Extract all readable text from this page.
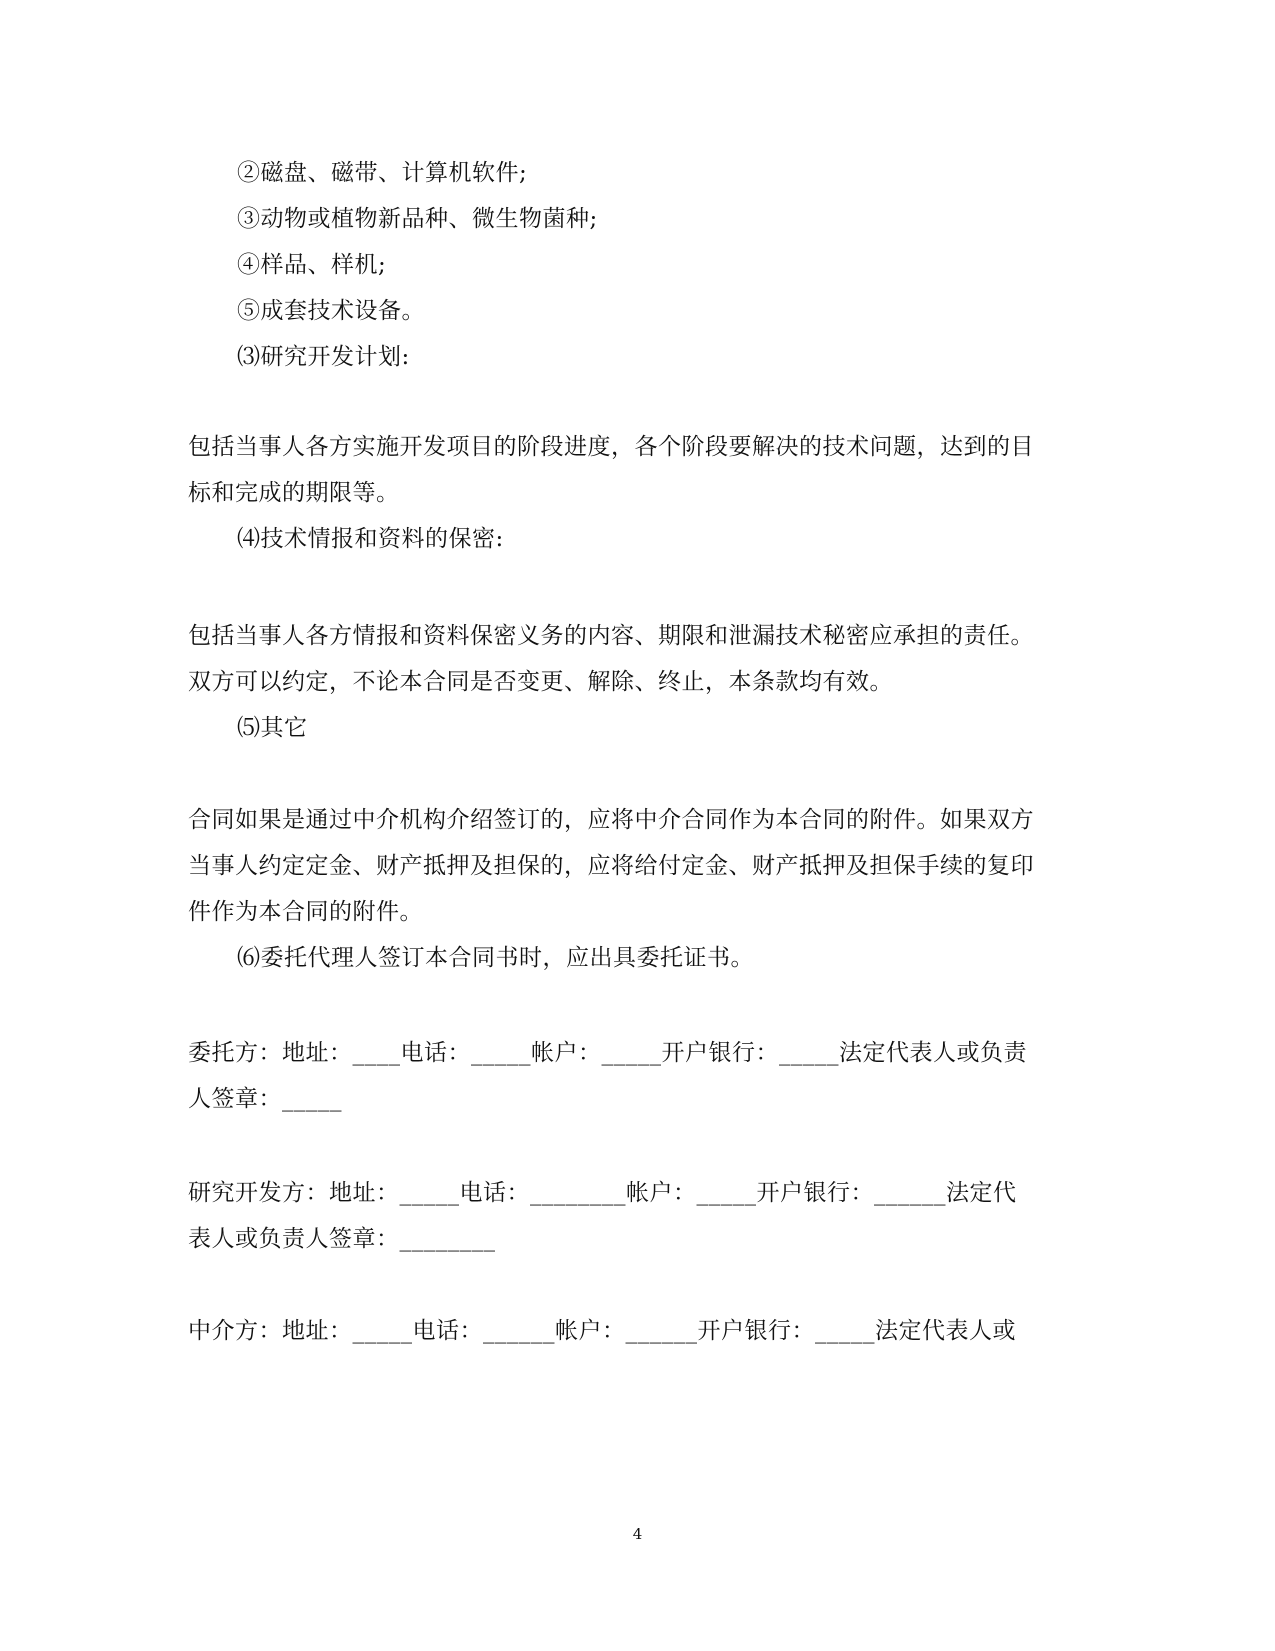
②磁盘、磁带、计算机软件;
③动物或植物新品种、微生物菌种;
④样品、样机;
⑤成套技术设备。
⑶研究开发计划:
包括当事人各方实施开发项目的阶段进度，各个阶段要解决的技术问题，达到的目
标和完成的期限等。
⑷技术情报和资料的保密:
包括当事人各方情报和资料保密义务的内容、期限和泄漏技术秘密应承担的责任。
双方可以约定，不论本合同是否变更、解除、终止，本条款均有效。
⑸其它
合同如果是通过中介机构介绍签订的，应将中介合同作为本合同的附件。如果双方
当事人约定定金、财产抵押及担保的，应将给付定金、财产抵押及担保手续的复印
件作为本合同的附件。
⑹委托代理人签订本合同书时，应出具委托证书。
委托方：地址：____电话：_____帐户：_____开户银行：_____法定代表人或负责
人签章：_____
研究开发方：地址：_____电话：________帐户：_____开户银行：______法定代
表人或负责人签章：________
中介方：地址：_____电话：______帐户：______开户银行：_____法定代表人或
4
